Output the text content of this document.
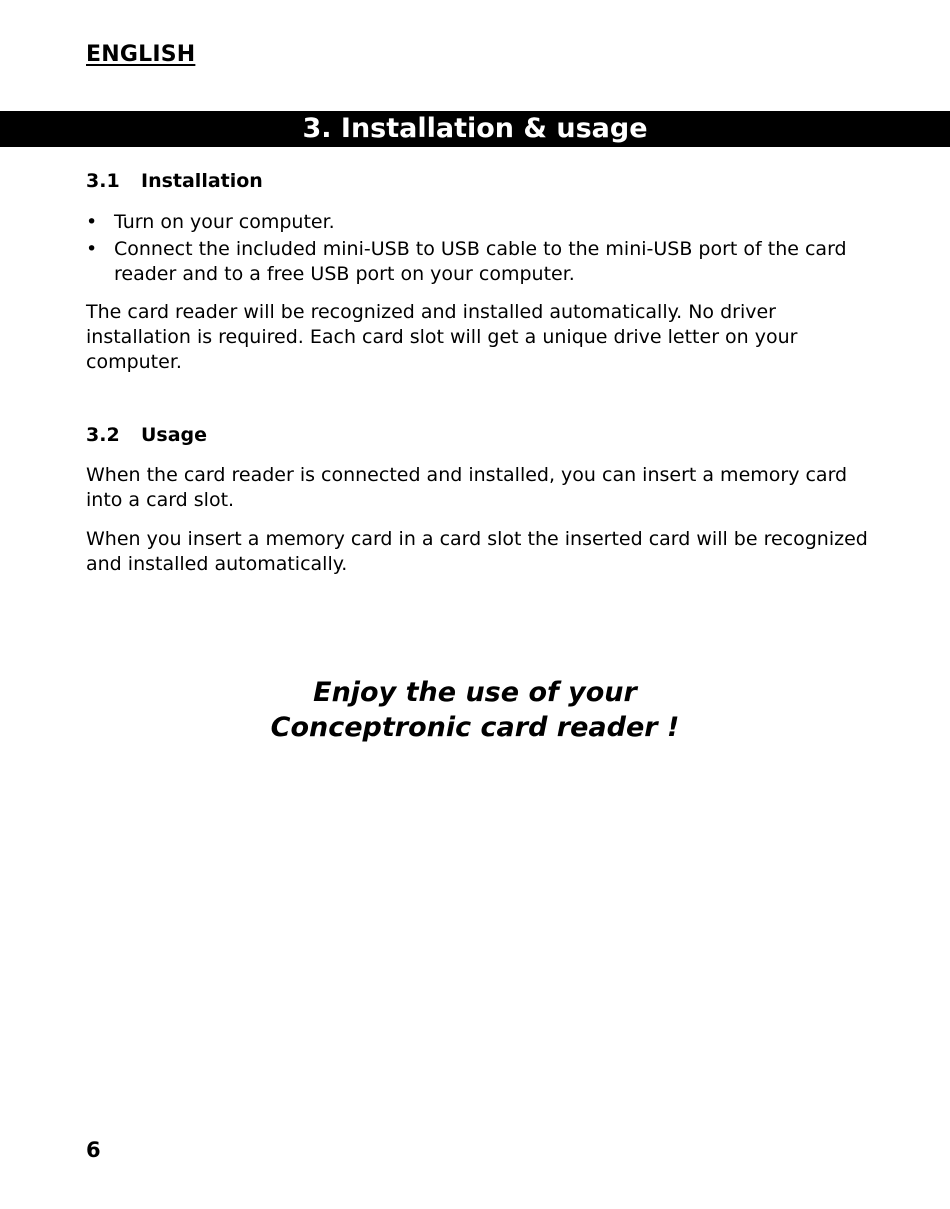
ENGLISH
3. Installation & usage
3.1 Installation
• Turn on your computer.
• Connect the included mini-USB to USB cable to the mini-USB port of the card reader and to a free USB port on your computer.

The card reader will be recognized and installed automatically. No driver installation is required. Each card slot will get a unique drive letter on your computer.

3.2 Usage

When the card reader is connected and installed, you can insert a memory card into a card slot.

When you insert a memory card in a card slot the inserted card will be recognized and installed automatically.

Enjoy the use of your
Conceptronic card reader !
6
